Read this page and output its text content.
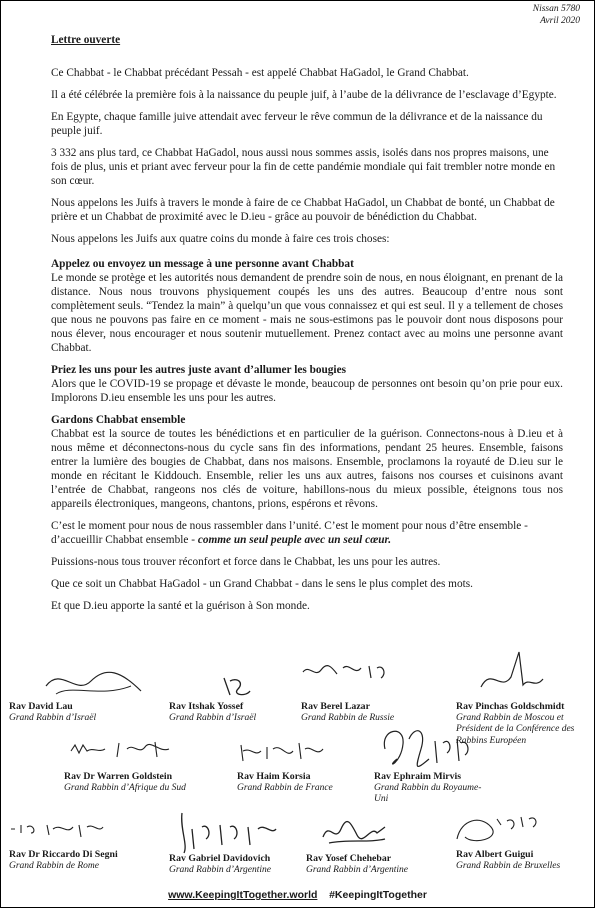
Nissan 5780
Avril 2020

Lettre ouverte

Ce Chabbat - le Chabbat précédant Pessah - est appelé Chabbat HaGadol, le Grand Chabbat.

Il a été célébrée la première fois à la naissance du peuple juif, à l’aube de la délivrance de l’esclavage d’Egypte.

En Egypte, chaque famille juive attendait avec ferveur le rêve commun de la délivrance et de la naissance du peuple juif.

3 332 ans plus tard, ce Chabbat HaGadol, nous aussi nous sommes assis, isolés dans nos propres maisons, une fois de plus, unis et priant avec ferveur pour la fin de cette pandémie mondiale qui fait trembler notre monde en son cœur.

Nous appelons les Juifs à travers le monde à faire de ce Chabbat HaGadol, un Chabbat de bonté, un Chabbat de prière et un Chabbat de proximité avec le D.ieu - grâce au pouvoir de bénédiction du Chabbat.

Nous appelons les Juifs aux quatre coins du monde à faire ces trois choses:

Appelez ou envoyez un message à une personne avant Chabbat

Le monde se protège et les autorités nous demandent de prendre soin de nous, en nous éloignant, en prenant de la distance. Nous nous trouvons physiquement coupés les uns des autres. Beaucoup d’entre nous sont complètement seuls. “Tendez la main” à quelqu’un que vous connaissez et qui est seul. Il y a tellement de choses que nous ne pouvons pas faire en ce moment - mais ne sous-estimons pas le pouvoir dont nous disposons pour nous élever, nous encourager et nous soutenir mutuellement. Prenez contact avec au moins une personne avant Chabbat.

Priez les uns pour les autres juste avant d’allumer les bougies

Alors que le COVID-19 se propage et dévaste le monde, beaucoup de personnes ont besoin qu’on prie pour eux. Implorons D.ieu ensemble les uns pour les autres.

Gardons Chabbat ensemble

Chabbat est la source de toutes les bénédictions et en particulier de la guérison. Connectons-nous à D.ieu et à nous même et déconnectons-nous du cycle sans fin des informations, pendant 25 heures. Ensemble, faisons entrer la lumière des bougies de Chabbat, dans nos maisons. Ensemble, proclamons la royauté de D.ieu sur le monde en récitant le Kiddouch. Ensemble, relier les uns aux autres, faisons nos courses et cuisinons avant l’entrée de Chabbat, rangeons nos clés de voiture, habillons-nous du mieux possible, éteignons tous nos appareils électroniques, mangeons, chantons, prions, espérons et rêvons.

C’est le moment pour nous de nous rassembler dans l’unité. C’est le moment pour nous d’être ensemble - d’accueillir Chabbat ensemble - comme un seul peuple avec un seul cœur.

Puissions-nous tous trouver réconfort et force dans le Chabbat, les uns pour les autres.

Que ce soit un Chabbat HaGadol - un Grand Chabbat - dans le sens le plus complet des mots.

Et que D.ieu apporte la santé et la guérison à Son monde.

Rav David Lau
Grand Rabbin d’Israël
Rav Itshak Yossef
Grand Rabbin d’Israël
Rav Berel Lazar
Grand Rabbin de Russie
Rav Pinchas Goldschmidt
Grand Rabbin de Moscou et Président de la Conférence des Rabbins Européen
Rav Dr Warren Goldstein
Grand Rabbin d’Afrique du Sud
Rav Haim Korsia
Grand Rabbin de France
Rav Ephraim Mirvis
Grand Rabbin du Royaume-Uni
Rav Dr Riccardo Di Segni
Grand Rabbin de Rome
Rav Gabriel Davidovich
Grand Rabbin d’Argentine
Rav Yosef Chehebar
Grand Rabbin d’Argentine
Rav Albert Guigui
Grand Rabbin de Bruxelles
www.KeepingItTogether.world #KeepingItTogether
